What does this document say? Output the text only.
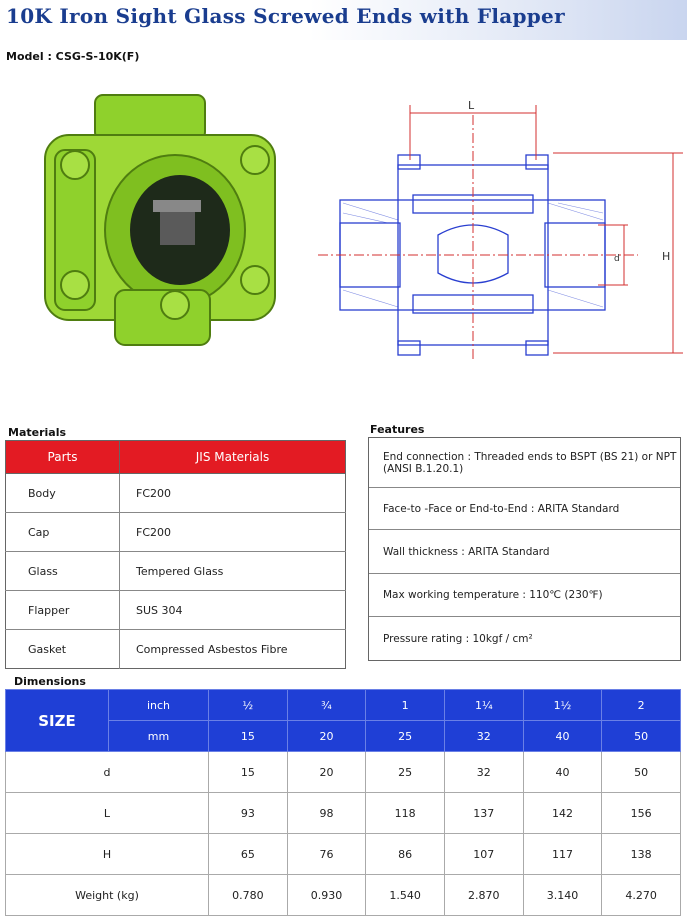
10K Iron Sight Glass Screwed Ends with Flapper
Model : CSG-S-10K(F)
L
H
d
Materials
Parts	JIS Materials
Body	FC200
Cap	FC200
Glass	Tempered Glass
Flapper	SUS 304
Gasket	Compressed Asbestos Fibre
Features
End connection : Threaded ends to BSPT (BS 21) or NPT (ANSI B.1.20.1)
Face-to -Face or End-to-End : ARITA Standard
Wall thickness : ARITA Standard
Max working temperature : 110℃ (230℉)
Pressure rating : 10kgf / cm²
Dimensions
SIZE	inch	½	¾	1	1¼	1½	2
	mm	15	20	25	32	40	50
d		15	20	25	32	40	50
L		93	98	118	137	142	156
H		65	76	86	107	117	138
Weight (kg)		0.780	0.930	1.540	2.870	3.140	4.270
